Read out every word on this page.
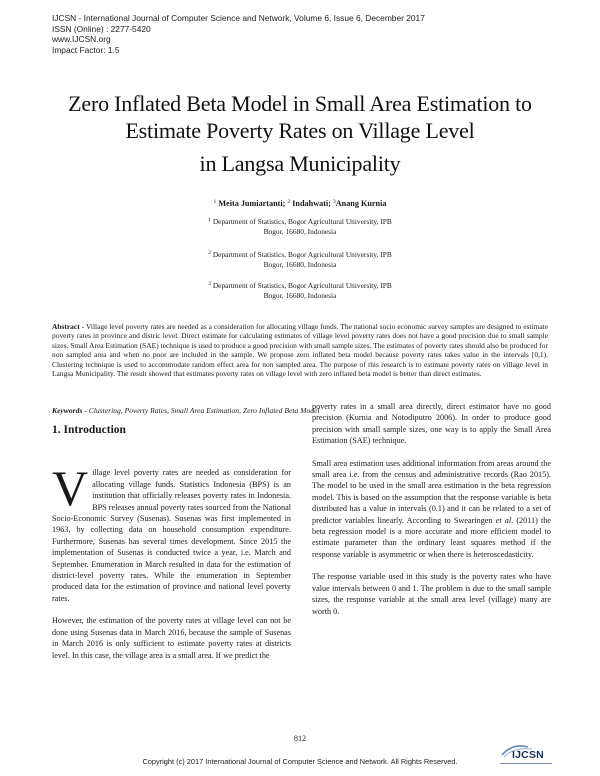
IJCSN - International Journal of Computer Science and Network, Volume 6, Issue 6, December 2017
ISSN (Online) : 2277-5420
www.IJCSN.org
Impact Factor: 1.5
Zero Inflated Beta Model in Small Area Estimation to
Estimate Poverty Rates on Village Level
in Langsa Municipality
$^1$ Meita Jumiartanti; $^2$ Indahwati; $^3$Anang Kurnia
$^1$ Department of Statistics, Bogor Agricultural University, IPB
Bogor, 16680, Indonesia
$^2$ Department of Statistics, Bogor Agricultural University, IPB
Bogor, 16680, Indonesia
$^3$ Department of Statistics, Bogor Agricultural University, IPB
Bogor, 16680, Indonesia
Abstract - Village level poverty rates are needed as a consideration for allocating village funds. The national socio economic survey samples are designed to estimate poverty rates in province and distric level. Direct estimate for calculating estimates of village level poverty rates does not have a good precision due to small sample sizes. Small Area Estimation (SAE) technique is used to produce a good precision with small sample sizes. The estimates of poverty rates should also be produced for non sampled area and when no poor are included in the sample. We propose zero inflated beta model because poverty rates takes value in the intervals [0,1). Clustering technique is used to accommodate random effect area for non sampled area. The purpose of this research is to estimate poverty rates on village level in Langsa Municipality. The result showed that estimates poverty rates on village level with zero inflated beta model is better than direct estimates.
Keywords - Clustering, Poverty Rates, Small Area Estimation, Zero Inflated Beta Model
1. Introduction

Village level poverty rates are needed as consideration for allocating village funds. Statistics Indonesia (BPS) is an institution that officially releases poverty rates in Indonesia. BPS releases annual poverty rates sourced from the National Socio-Economic Survey (Susenas). Susenas was first implemented in 1963, by collecting data on household consumption expenditure. Furthermore, Susenas has several times development. Since 2015 the implementation of Susenas is conducted twice a year, i.e. March and September. Enumeration in March resulted in data for the estimation of district-level poverty rates. While the enumeration in September produced data for the estimation of province and national level poverty rates.

However, the estimation of the poverty rates at village level can not be done using Susenas data in March 2016, because the sample of Susenas in March 2016 is only sufficient to estimate poverty rates at districts level. In this case, the village area is a small area. If we predict the

poverty rates in a small area directly, direct estimator have no good precision (Kurnia and Notodiputro 2006). In order to produce good precision with small sample sizes, one way is to apply the Small Area Estimation (SAE) technique.

Small area estimation uses additional information from areas around the small area i.e. from the census and administrative records (Rao 2015). The model to be used in the small area estimation is the beta regression model. This is based on the assumption that the response variable is beta distributed has a value in intervals (0.1) and it can be related to a set of predictor variables linearly. According to Swearingen et al. (2011) the beta regression model is a more accurate and more efficient model to estimate parameter than the ordinary least squares method if the response variable is asymmetric or when there is heteroscedasticity.

The response variable used in this study is the poverty rates who have value intervals between 0 and 1. The problem is due to the small sample sizes, the response variable at the small area level (village) many are worth 0.

812
IJCSN
Copyright (c) 2017 International Journal of Computer Science and Network. All Rights Reserved.
